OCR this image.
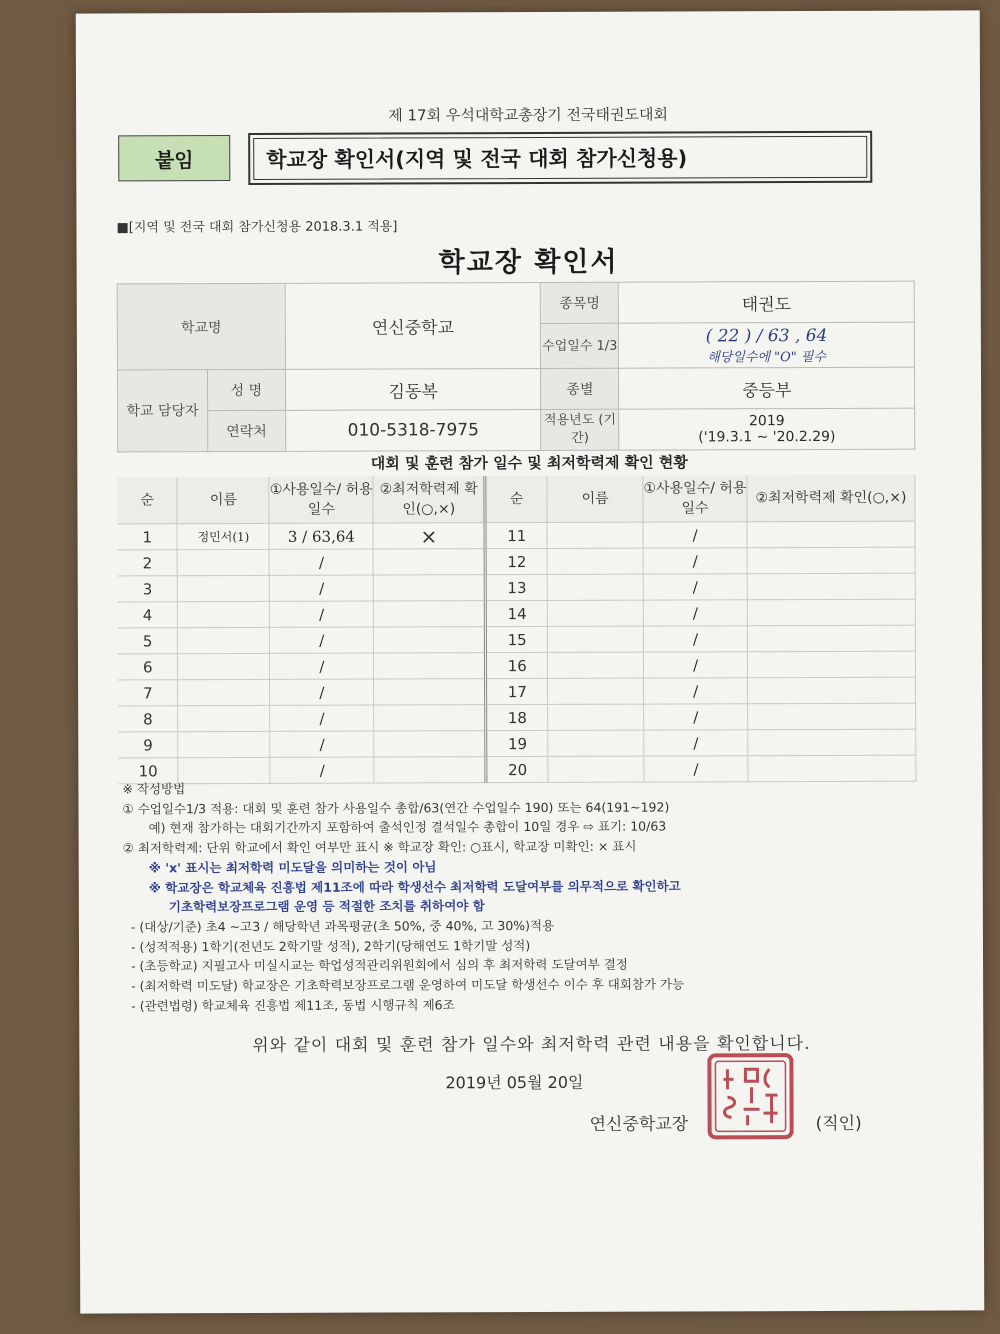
제 17회 우석대학교총장기 전국태권도대회
붙임	학교장 확인서(지역 및 전국 대회 참가신청용)
■[지역 및 전국 대회 참가신청용 2018.3.1 적용]
학교장 확인서
학교명		연신중학교	종목명	태권도
			수업일수 1/3	( 22 ) / 63 , 64
해당일수에 "O" 필수

학교 담당자	성 명	김동복	종별	중등부
	연락처	010-5318-7975	적용년도 (기간)	2019
('19.3.1 ~ '20.2.29)
대회 및 훈련 참가 일수 및 최저학력제 확인 현황
순	이름	①사용일수/ 허용일수	②최저학력제 확인(○,×)	순	이름	①사용일수/ 허용일수	②최저학력제 확인(○,×)
1	정민서(1)	3 / 63,64	×	11		/	
2		/		12		/	
3		/		13		/	
4		/		14		/	
5		/		15		/	
6		/		16		/	
7		/		17		/	
8		/		18		/	
9		/		19		/	
10		/		20		/	
※ 작성방법
① 수업일수1/3 적용: 대회 및 훈련 참가 사용일수 총합/63(연간 수업일수 190) 또는 64(191~192)
예) 현재 참가하는 대회기간까지 포함하여 출석인정 결석일수 총합이 10일 경우 ⇨ 표기: 10/63
② 최저학력제: 단위 학교에서 확인 여부만 표시 ※ 학교장 확인: ○표시, 학교장 미확인: × 표시
※ 'x' 표시는 최저학력 미도달을 의미하는 것이 아님
※ 학교장은 학교체육 진흥법 제11조에 따라 학생선수 최저학력 도달여부를 의무적으로 확인하고
기초학력보장프로그램 운영 등 적절한 조치를 취하여야 함
- (대상/기준) 초4 ~고3 / 해당학년 과목평균(초 50%, 중 40%, 고 30%)적용
- (성적적용) 1학기(전년도 2학기말 성적), 2학기(당해연도 1학기말 성적)
- (초등학교) 지필고사 미실시교는 학업성적관리위원회에서 심의 후 최저학력 도달여부 결정
- (최저학력 미도달) 학교장은 기초학력보장프로그램 운영하여 미도달 학생선수 이수 후 대회참가 가능
- (관련법령) 학교체육 진흥법 제11조, 동법 시행규칙 제6조
위와 같이 대회 및 훈련 참가 일수와 최저학력 관련 내용을 확인합니다.
2019년 05월 20일
연신중학교장	(직인)
